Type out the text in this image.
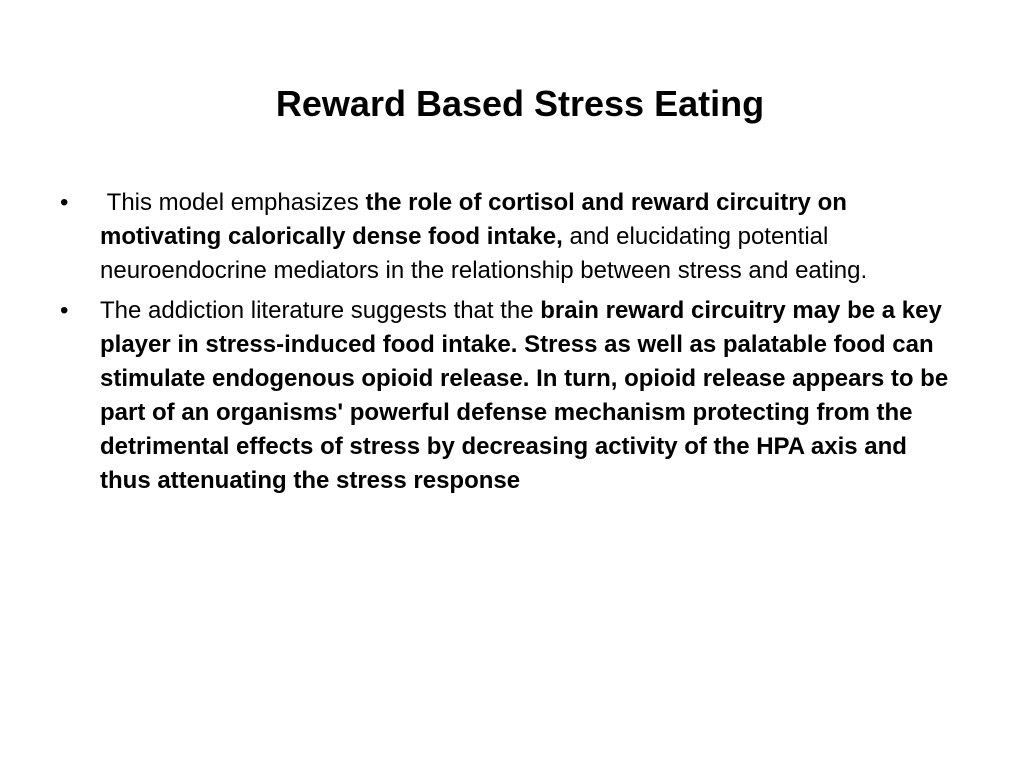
Reward Based Stress Eating
•	This model emphasizes the role of cortisol and reward circuitry on motivating calorically dense food intake, and elucidating potential neuroendocrine mediators in the relationship between stress and eating.
•	The addiction literature suggests that the brain reward circuitry may be a key player in stress-induced food intake. Stress as well as palatable food can stimulate endogenous opioid release. In turn, opioid release appears to be part of an organisms' powerful defense mechanism protecting from the detrimental effects of stress by decreasing activity of the HPA axis and thus attenuating the stress response
